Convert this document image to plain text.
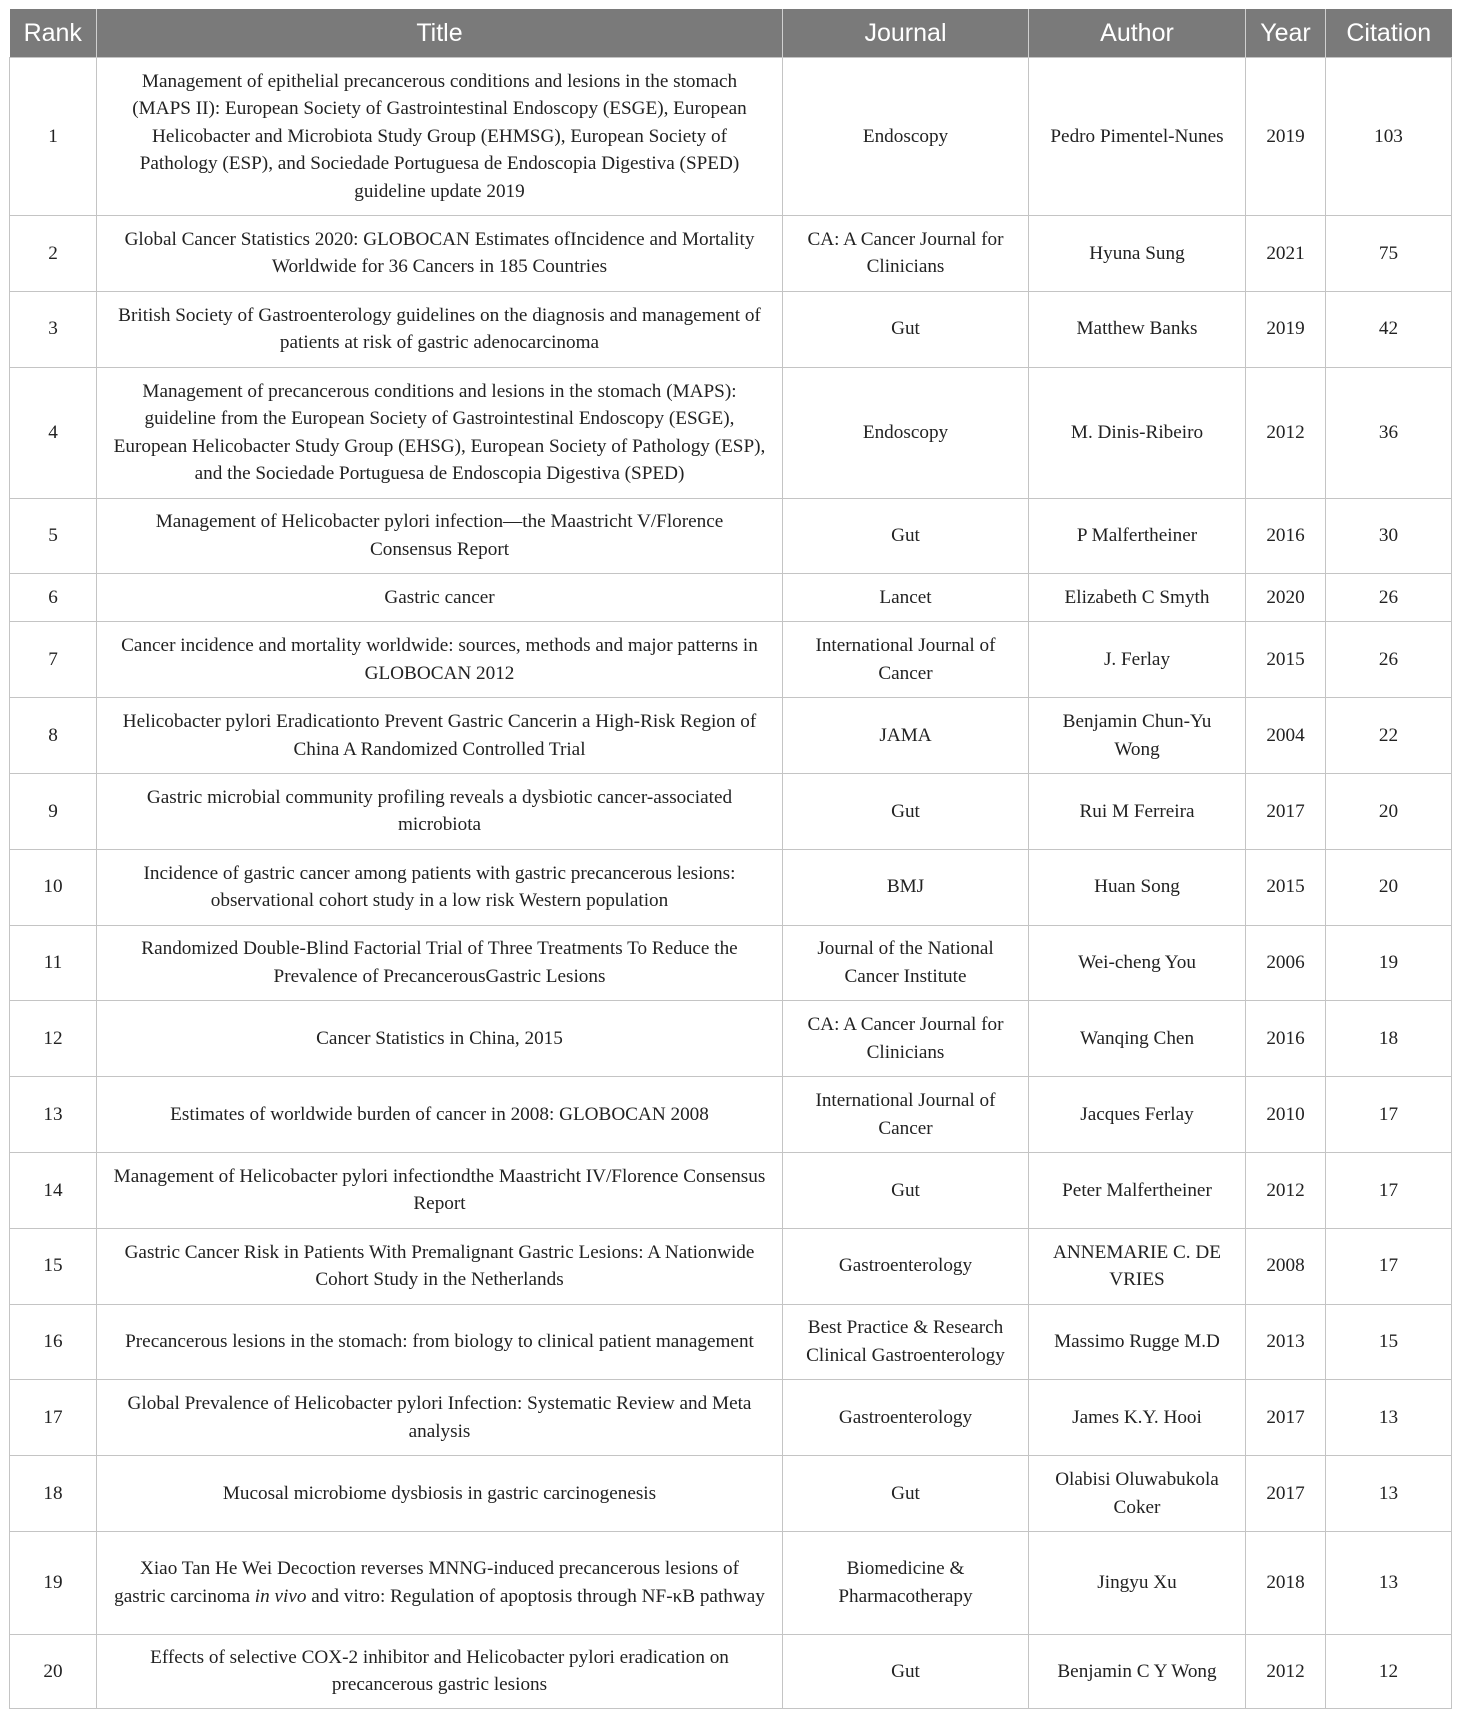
Rank	Title	Journal	Author	Year	Citation
1	Management of epithelial precancerous conditions and lesions in the stomach (MAPS II): European Society of Gastrointestinal Endoscopy (ESGE), European Helicobacter and Microbiota Study Group (EHMSG), European Society of Pathology (ESP), and Sociedade Portuguesa de Endoscopia Digestiva (SPED) guideline update 2019	Endoscopy	Pedro Pimentel-Nunes	2019	103
2	Global Cancer Statistics 2020: GLOBOCAN Estimates ofIncidence and Mortality Worldwide for 36 Cancers in 185 Countries	CA: A Cancer Journal for Clinicians	Hyuna Sung	2021	75
3	British Society of Gastroenterology guidelines on the diagnosis and management of patients at risk of gastric adenocarcinoma	Gut	Matthew Banks	2019	42
4	Management of precancerous conditions and lesions in the stomach (MAPS): guideline from the European Society of Gastrointestinal Endoscopy (ESGE), European Helicobacter Study Group (EHSG), European Society of Pathology (ESP), and the Sociedade Portuguesa de Endoscopia Digestiva (SPED)	Endoscopy	M. Dinis-Ribeiro	2012	36
5	Management of Helicobacter pylori infection—the Maastricht V/Florence Consensus Report	Gut	P Malfertheiner	2016	30
6	Gastric cancer	Lancet	Elizabeth C Smyth	2020	26
7	Cancer incidence and mortality worldwide: sources, methods and major patterns in GLOBOCAN 2012	International Journal of Cancer	J. Ferlay	2015	26
8	Helicobacter pylori Eradicationto Prevent Gastric Cancerin a High-Risk Region of China A Randomized Controlled Trial	JAMA	Benjamin Chun-Yu Wong	2004	22
9	Gastric microbial community profiling reveals a dysbiotic cancer-associated microbiota	Gut	Rui M Ferreira	2017	20
10	Incidence of gastric cancer among patients with gastric precancerous lesions: observational cohort study in a low risk Western population	BMJ	Huan Song	2015	20
11	Randomized Double-Blind Factorial Trial of Three Treatments To Reduce the Prevalence of PrecancerousGastric Lesions	Journal of the National Cancer Institute	Wei-cheng You	2006	19
12	Cancer Statistics in China, 2015	CA: A Cancer Journal for Clinicians	Wanqing Chen	2016	18
13	Estimates of worldwide burden of cancer in 2008: GLOBOCAN 2008	International Journal of Cancer	Jacques Ferlay	2010	17
14	Management of Helicobacter pylori infectiondthe Maastricht IV/Florence Consensus Report	Gut	Peter Malfertheiner	2012	17
15	Gastric Cancer Risk in Patients With Premalignant Gastric Lesions: A Nationwide Cohort Study in the Netherlands	Gastroenterology	ANNEMARIE C. DE VRIES	2008	17
16	Precancerous lesions in the stomach: from biology to clinical patient management	Best Practice & Research Clinical Gastroenterology	Massimo Rugge M.D	2013	15
17	Global Prevalence of Helicobacter pylori Infection: Systematic Review and Meta analysis	Gastroenterology	James K.Y. Hooi	2017	13
18	Mucosal microbiome dysbiosis in gastric carcinogenesis	Gut	Olabisi Oluwabukola Coker	2017	13
19	Xiao Tan He Wei Decoction reverses MNNG-induced precancerous lesions of gastric carcinoma in vivo and vitro: Regulation of apoptosis through NF-κB pathway	Biomedicine & Pharmacotherapy	Jingyu Xu	2018	13
20	Effects of selective COX-2 inhibitor and Helicobacter pylori eradication on precancerous gastric lesions	Gut	Benjamin C Y Wong	2012	12
